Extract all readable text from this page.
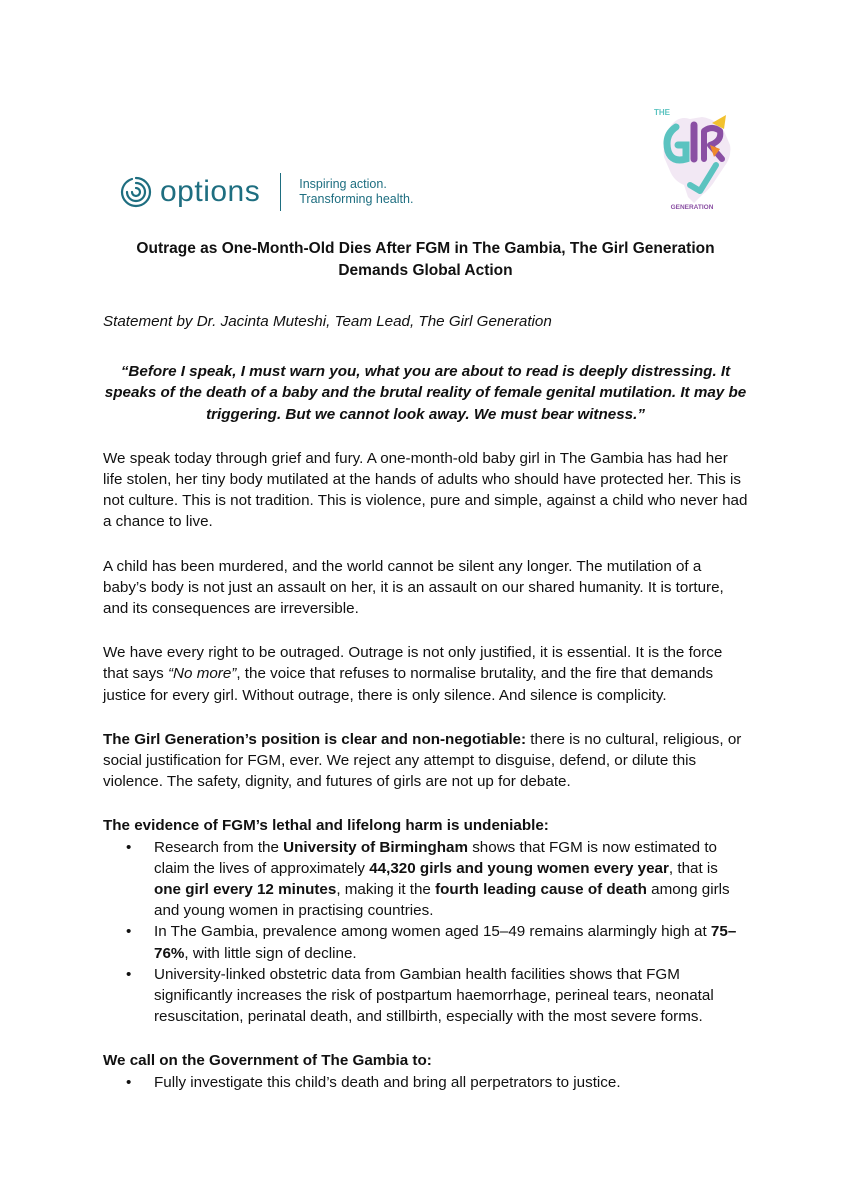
options	Inspiring action.
Transforming health.
THE
GENERATION

Outrage as One-Month-Old Dies After FGM in The Gambia, The Girl Generation Demands Global Action

Statement by Dr. Jacinta Muteshi, Team Lead, The Girl Generation

“Before I speak, I must warn you, what you are about to read is deeply distressing. It speaks of the death of a baby and the brutal reality of female genital mutilation. It may be triggering. But we cannot look away. We must bear witness.”

We speak today through grief and fury. A one-month-old baby girl in The Gambia has had her life stolen, her tiny body mutilated at the hands of adults who should have protected her. This is not culture. This is not tradition. This is violence, pure and simple, against a child who never had a chance to live.

A child has been murdered, and the world cannot be silent any longer. The mutilation of a baby’s body is not just an assault on her, it is an assault on our shared humanity. It is torture, and its consequences are irreversible.

We have every right to be outraged. Outrage is not only justified, it is essential. It is the force that says “No more”, the voice that refuses to normalise brutality, and the fire that demands justice for every girl. Without outrage, there is only silence. And silence is complicity.

The Girl Generation’s position is clear and non-negotiable: there is no cultural, religious, or social justification for FGM, ever. We reject any attempt to disguise, defend, or dilute this violence. The safety, dignity, and futures of girls are not up for debate.

The evidence of FGM’s lethal and lifelong harm is undeniable:

• Research from the University of Birmingham shows that FGM is now estimated to claim the lives of approximately 44,320 girls and young women every year, that is one girl every 12 minutes, making it the fourth leading cause of death among girls and young women in practising countries.
• In The Gambia, prevalence among women aged 15–49 remains alarmingly high at 75–76%, with little sign of decline.
• University-linked obstetric data from Gambian health facilities shows that FGM significantly increases the risk of postpartum haemorrhage, perineal tears, neonatal resuscitation, perinatal death, and stillbirth, especially with the most severe forms.

We call on the Government of The Gambia to:

• Fully investigate this child’s death and bring all perpetrators to justice.
